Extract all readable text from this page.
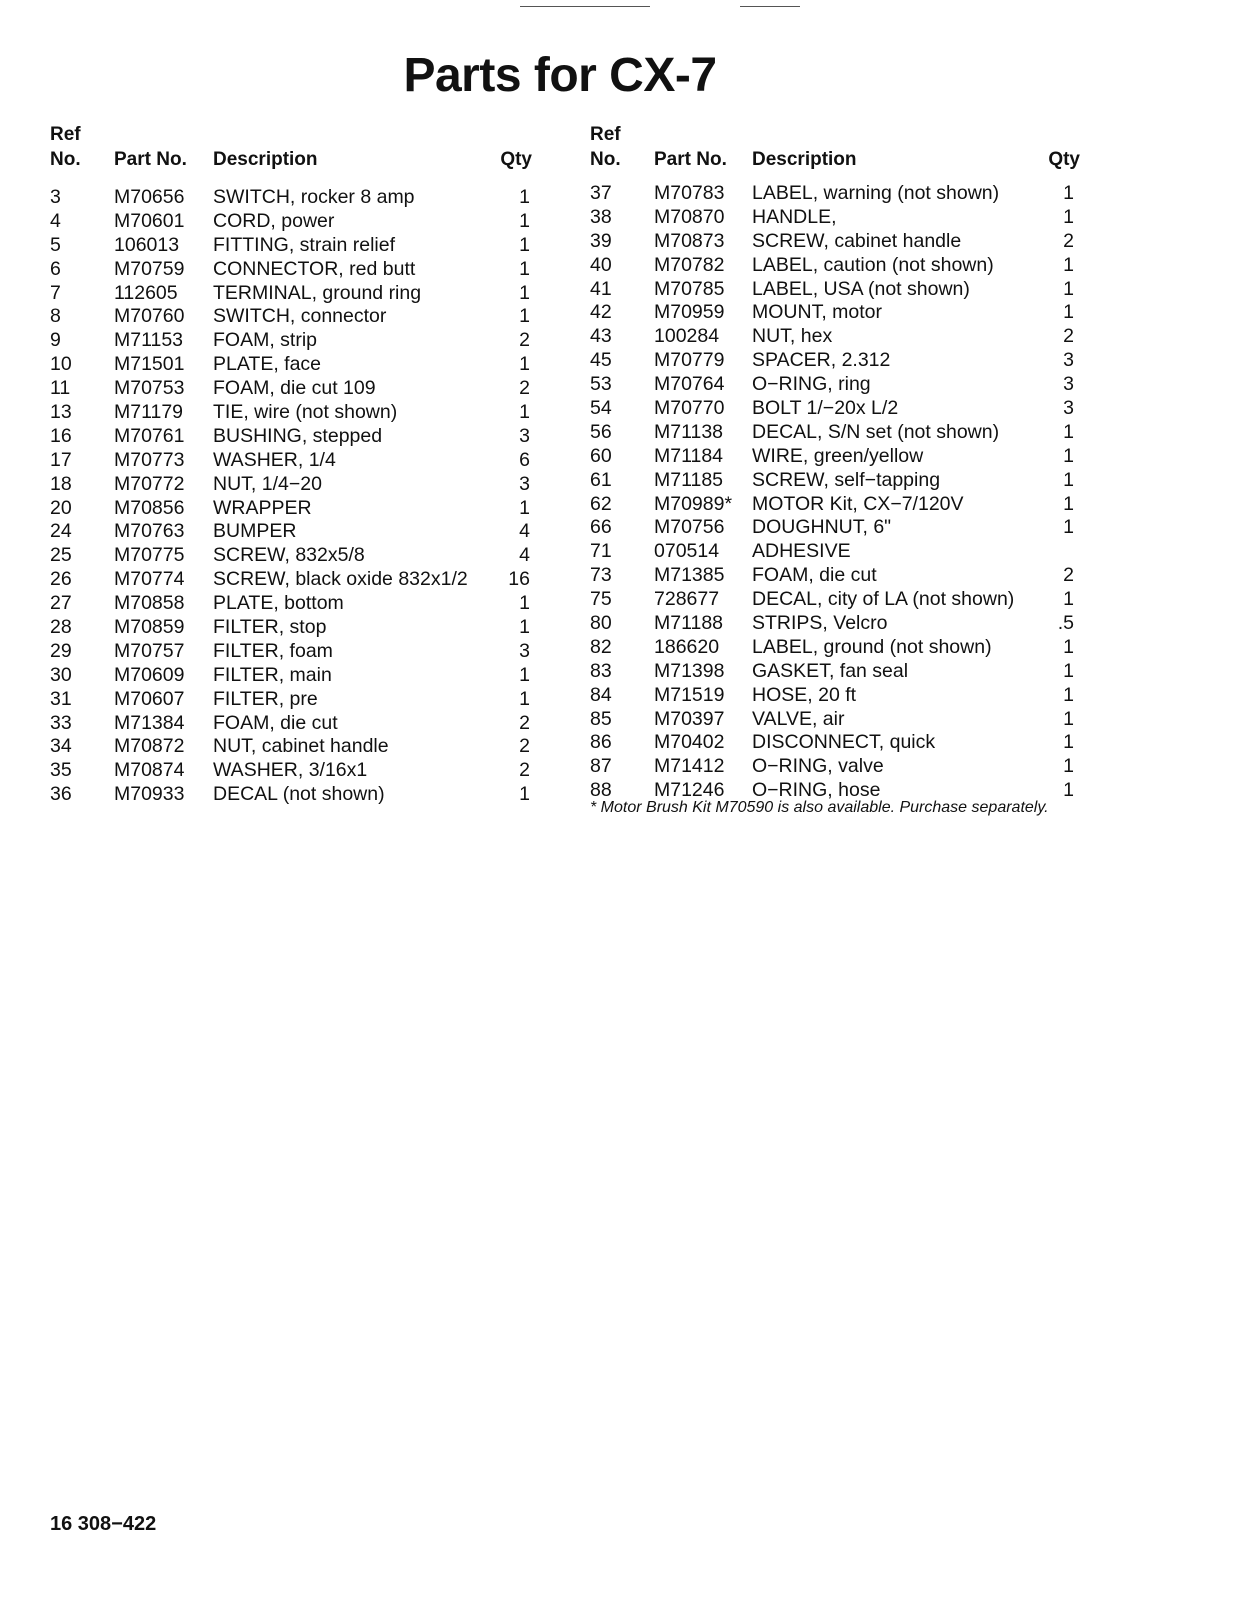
Parts for CX-7
Ref
No. Part No. Description	Qty
3	M70656 SWITCH, rocker 8 amp	1
4	M70601 CORD, power	1
5	106013 FITTING, strain relief	1
6	M70759 CONNECTOR, red butt	1
7	112605 TERMINAL, ground ring	1
8	M70760 SWITCH, connector	1
9	M71153 FOAM, strip	2
10 M71501 PLATE, face	1
11 M70753 FOAM, die cut 109	2
13 M71179 TIE, wire (not shown)	1
16 M70761 BUSHING, stepped	3
17 M70773 WASHER, 1/4	6
18 M70772 NUT, 1/4−20	3
20 M70856 WRAPPER	1
24 M70763 BUMPER	4
25 M70775 SCREW, 832x5/8	4
26 M70774 SCREW, black oxide 832x1/2	16
27 M70858 PLATE, bottom	1
28 M70859 FILTER, stop	1
29 M70757 FILTER, foam	3
30 M70609 FILTER, main	1
31 M70607 FILTER, pre	1
33 M71384 FOAM, die cut	2
34 M70872 NUT, cabinet handle	2
35 M70874 WASHER, 3/16x1	2
36 M70933 DECAL (not shown)	1
Ref
No. Part No. Description	Qty
37 M70783 LABEL, warning (not shown)	1
38 M70870 HANDLE,	1
39 M70873 SCREW, cabinet handle	2
40 M70782 LABEL, caution (not shown)	1
41 M70785 LABEL, USA (not shown)	1
42 M70959 MOUNT, motor	1
43 100284 NUT, hex	2
45 M70779 SPACER, 2.312	3
53 M70764 O−RING, ring	3
54 M70770 BOLT 1/−20x L/2	3
56 M71138 DECAL, S/N set (not shown)	1
60 M71184 WIRE, green/yellow	1
61 M71185 SCREW, self−tapping	1
62 M70989* MOTOR Kit, CX−7/120V	1
66 M70756 DOUGHNUT, 6"	1
71 070514 ADHESIVE
73 M71385 FOAM, die cut	2
75 728677 DECAL, city of LA (not shown)	1
80 M71188 STRIPS, Velcro	.5
82 186620 LABEL, ground (not shown)	1
83 M71398 GASKET, fan seal	1
84 M71519 HOSE, 20 ft	1
85 M70397 VALVE, air	1
86 M70402 DISCONNECT, quick	1
87 M71412 O−RING, valve	1
88 M71246 O−RING, hose	1
* Motor Brush Kit M70590 is also available. Purchase separately.
16 308−422
